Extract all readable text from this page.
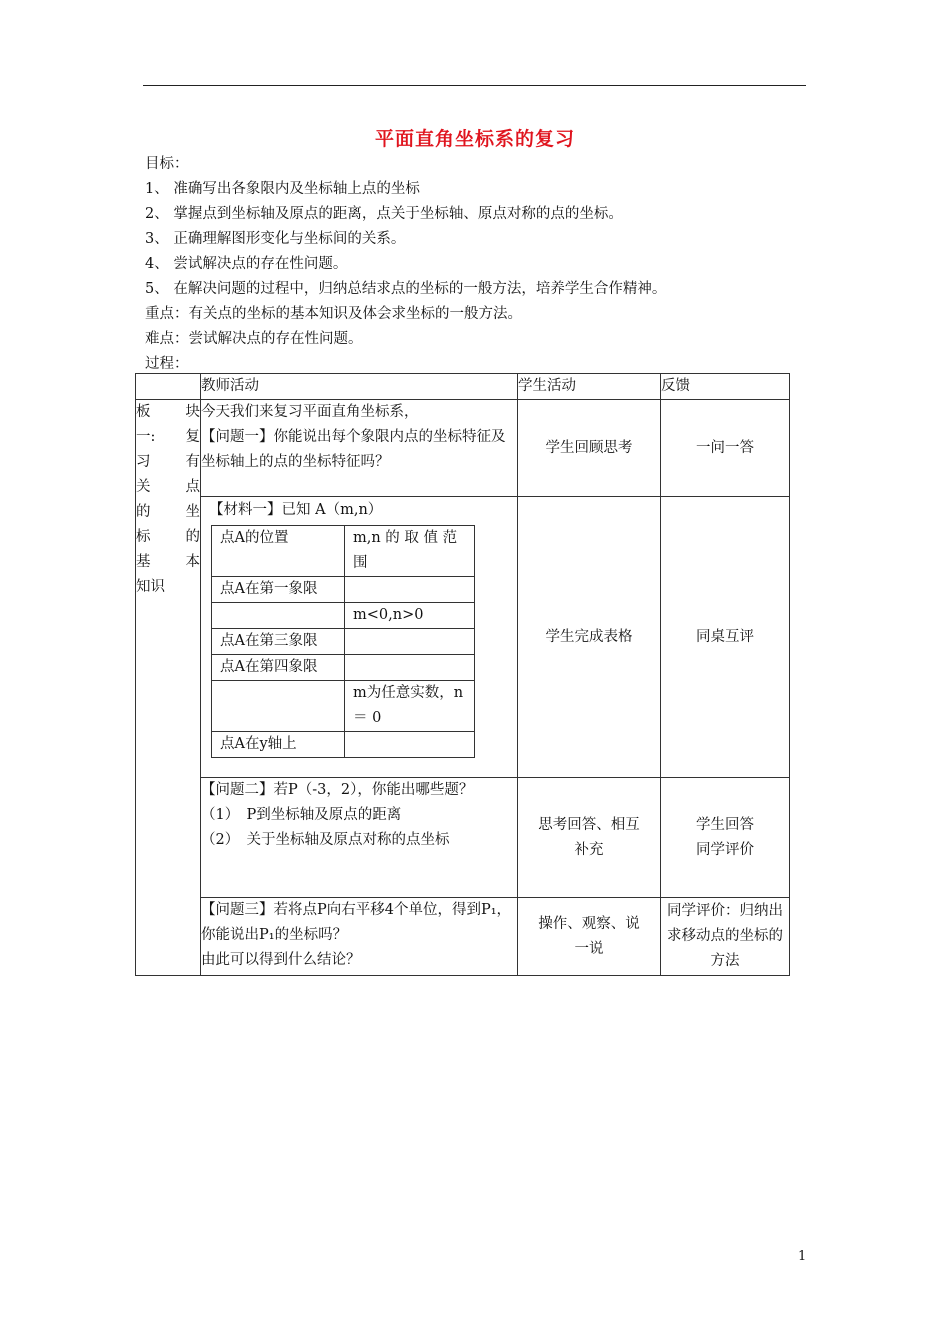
平面直角坐标系的复习
目标：
1、 准确写出各象限内及坐标轴上点的坐标
2、 掌握点到坐标轴及原点的距离，点关于坐标轴、原点对称的点的坐标。
3、 正确理解图形变化与坐标间的关系。
4、 尝试解决点的存在性问题。
5、 在解决问题的过程中，归纳总结求点的坐标的一般方法，培养学生合作精神。
重点：有关点的坐标的基本知识及体会求坐标的一般方法。
难点：尝试解决点的存在性问题。
过程：
	教师活动	学生活动	反馈

板 块
一: 复
习 有
关 点
的 坐
标 的
基 本
知识

今天我们来复习平面直角坐标系，
【问题一】你能说出每个象限内点的坐标特征及坐标轴上的点的坐标特征吗？
	学生回顾思考	一问一答

【材料一】已知 A（m,n）
点A的位置	m,n 的 取 值 范围
点A在第一象限	
	m<0,n>0
点A在第三象限	
点A在第四象限	
	m为任意实数，n ＝ 0
点A在y轴上	
	学生完成表格	同桌互评

【问题二】若P（-3，2），你能出哪些题？
（1）　P到坐标轴及原点的距离
（2）　关于坐标轴及原点对称的点坐标
	思考回答、相互补充	学生回答
同学评价

【问题三】若将点P向右平移4个单位，得到P₁，你能说出P₁的坐标吗？
由此可以得到什么结论？
	操作、观察、说一说	同学评价：归纳出求移动点的坐标的方法
1
